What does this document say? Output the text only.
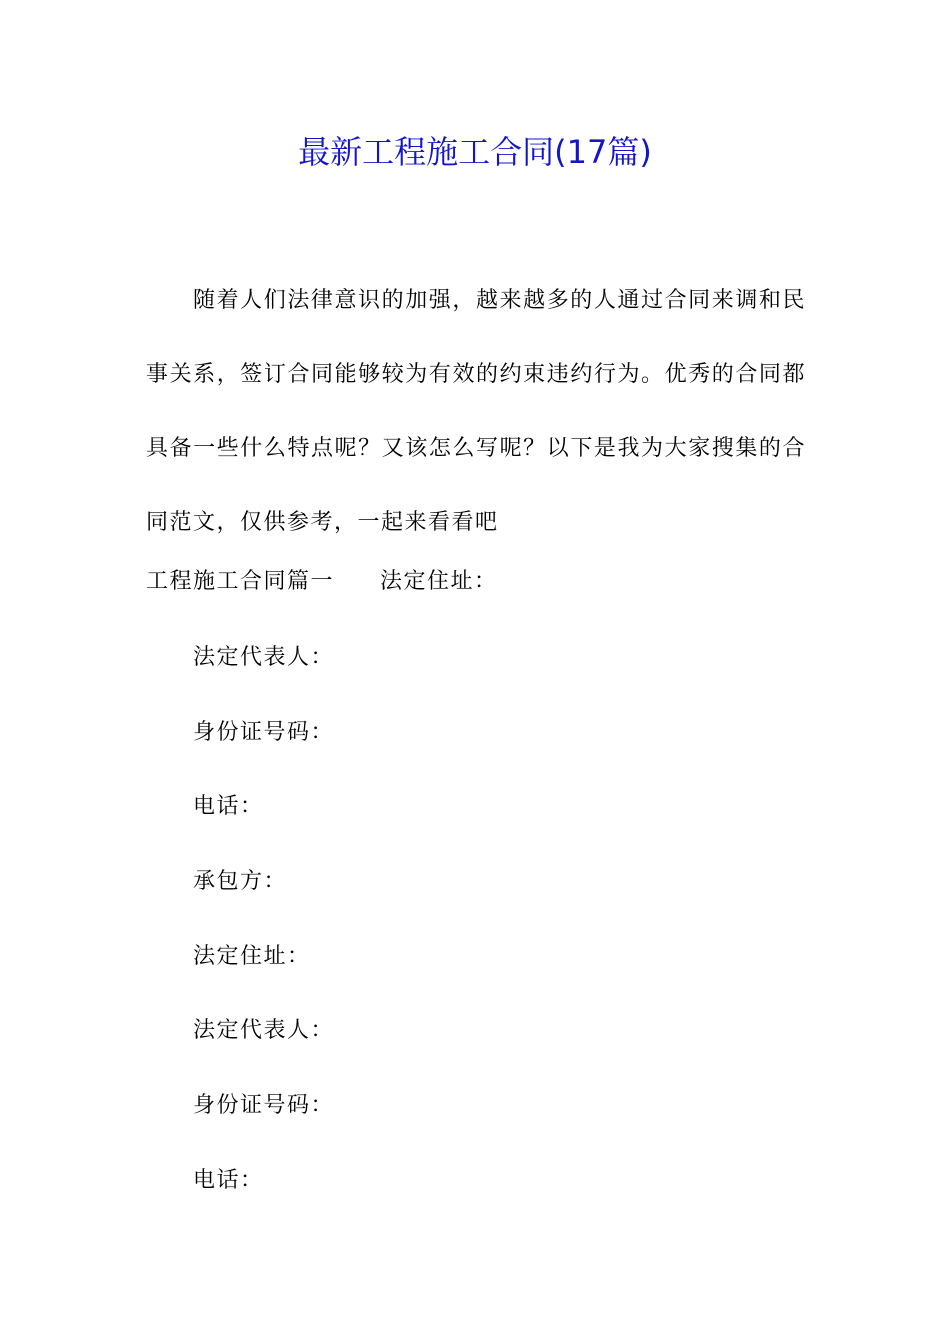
最新工程施工合同(17篇)

随着人们法律意识的加强，越来越多的人通过合同来调和民事关系，签订合同能够较为有效的约束违约行为。优秀的合同都具备一些什么特点呢？又该怎么写呢？以下是我为大家搜集的合同范文，仅供参考，一起来看看吧

工程施工合同篇一 法定住址：

法定代表人：

身份证号码：

电话：

承包方：

法定住址：

法定代表人：

身份证号码：

电话：
